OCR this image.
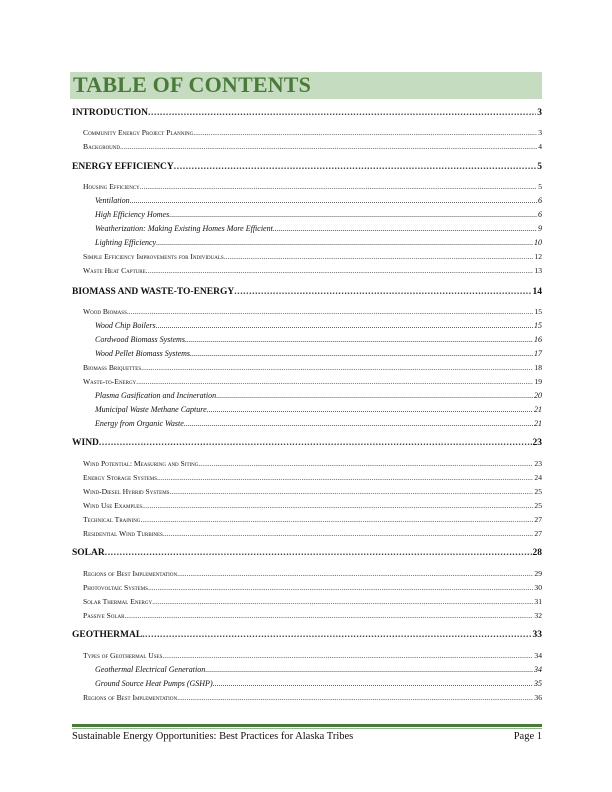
TABLE OF CONTENTS
INTRODUCTION .....	3
Community Energy Project Planning .....	3
Background .....	4
ENERGY EFFICIENCY .....	5
Housing Efficiency .....	5
Ventilation .....	6
High Efficiency Homes .....	6
Weatherization: Making Existing Homes More Efficient .....	9
Lighting Efficiency .....	10
Simple Efficiency Improvements for Individuals .....	12
Waste Heat Capture .....	13
BIOMASS AND WASTE-TO-ENERGY .....	14
Wood Biomass .....	15
Wood Chip Boilers .....	15
Cordwood Biomass Systems .....	16
Wood Pellet Biomass Systems .....	17
Biomass Briquettes .....	18
Waste-to-Energy .....	19
Plasma Gasification and Incineration .....	20
Municipal Waste Methane Capture .....	21
Energy from Organic Waste .....	21
WIND .....	23
Wind Potential: Measuring and Siting .....	23
Energy Storage Systems .....	24
Wind-Diesel Hybrid Systems .....	25
Wind Use Examples .....	25
Technical Training .....	27
Residential Wind Turbines .....	27
SOLAR .....	28
Regions of Best Implementation .....	29
Photovoltaic Systems .....	30
Solar Thermal Energy .....	31
Passive Solar .....	32
GEOTHERMAL .....	33
Types of Geothermal Uses .....	34
Geothermal Electrical Generation .....	34
Ground Source Heat Pumps (GSHP) .....	35
Regions of Best Implementation .....	36
Sustainable Energy Opportunities: Best Practices for Alaska Tribes	Page 1
